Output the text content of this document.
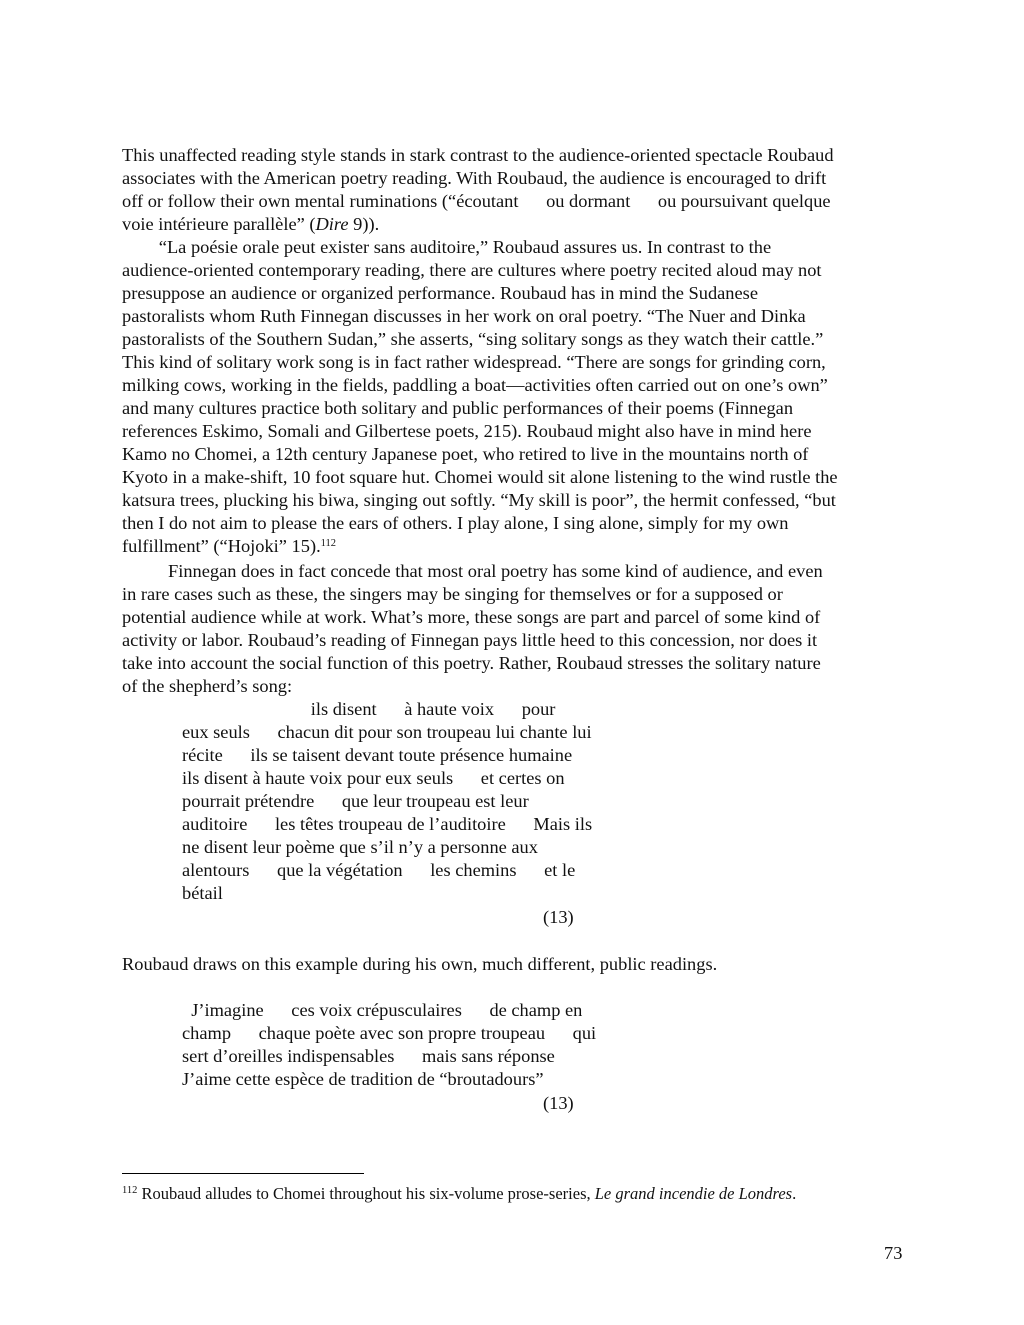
This unaffected reading style stands in stark contrast to the audience-oriented spectacle Roubaud
associates with the American poetry reading. With Roubaud, the audience is encouraged to drift
off or follow their own mental ruminations (“écoutant      ou dormant      ou poursuivant quelque
voie intérieure parallèle” (Dire 9)).
“La poésie orale peut exister sans auditoire,” Roubaud assures us. In contrast to the
audience-oriented contemporary reading, there are cultures where poetry recited aloud may not
presuppose an audience or organized performance. Roubaud has in mind the Sudanese
pastoralists whom Ruth Finnegan discusses in her work on oral poetry. “The Nuer and Dinka
pastoralists of the Southern Sudan,” she asserts, “sing solitary songs as they watch their cattle.”
This kind of solitary work song is in fact rather widespread. “There are songs for grinding corn,
milking cows, working in the fields, paddling a boat—activities often carried out on one’s own”
and many cultures practice both solitary and public performances of their poems (Finnegan
references Eskimo, Somali and Gilbertese poets, 215). Roubaud might also have in mind here
Kamo no Chomei, a 12th century Japanese poet, who retired to live in the mountains north of
Kyoto in a make-shift, 10 foot square hut. Chomei would sit alone listening to the wind rustle the
katsura trees, plucking his biwa, singing out softly. “My skill is poor”, the hermit confessed, “but
then I do not aim to please the ears of others. I play alone, I sing alone, simply for my own
fulfillment” (“Hojoki” 15).$^{112}$
Finnegan does in fact concede that most oral poetry has some kind of audience, and even
in rare cases such as these, the singers may be singing for themselves or for a supposed or
potential audience while at work. What’s more, these songs are part and parcel of some kind of
activity or labor. Roubaud’s reading of Finnegan pays little heed to this concession, nor does it
take into account the social function of this poetry. Rather, Roubaud stresses the solitary nature
of the shepherd’s song:
ils disent      à haute voix      pour
eux seuls      chacun dit pour son troupeau lui chante lui
récite      ils se taisent devant toute présence humaine
ils disent à haute voix pour eux seuls      et certes on
pourrait prétendre      que leur troupeau est leur
auditoire      les têtes troupeau de l’auditoire      Mais ils
ne disent leur poème que s’il n’y a personne aux
alentours      que la végétation      les chemins      et le
bétail
(13)
Roubaud draws on this example during his own, much different, public readings.
J’imagine      ces voix crépusculaires      de champ en
champ      chaque poète avec son propre troupeau      qui
sert d’oreilles indispensables      mais sans réponse
J’aime cette espèce de tradition de “broutadours”
(13)
$^{112}$ Roubaud alludes to Chomei throughout his six-volume prose-series, Le grand incendie de Londres.
73
